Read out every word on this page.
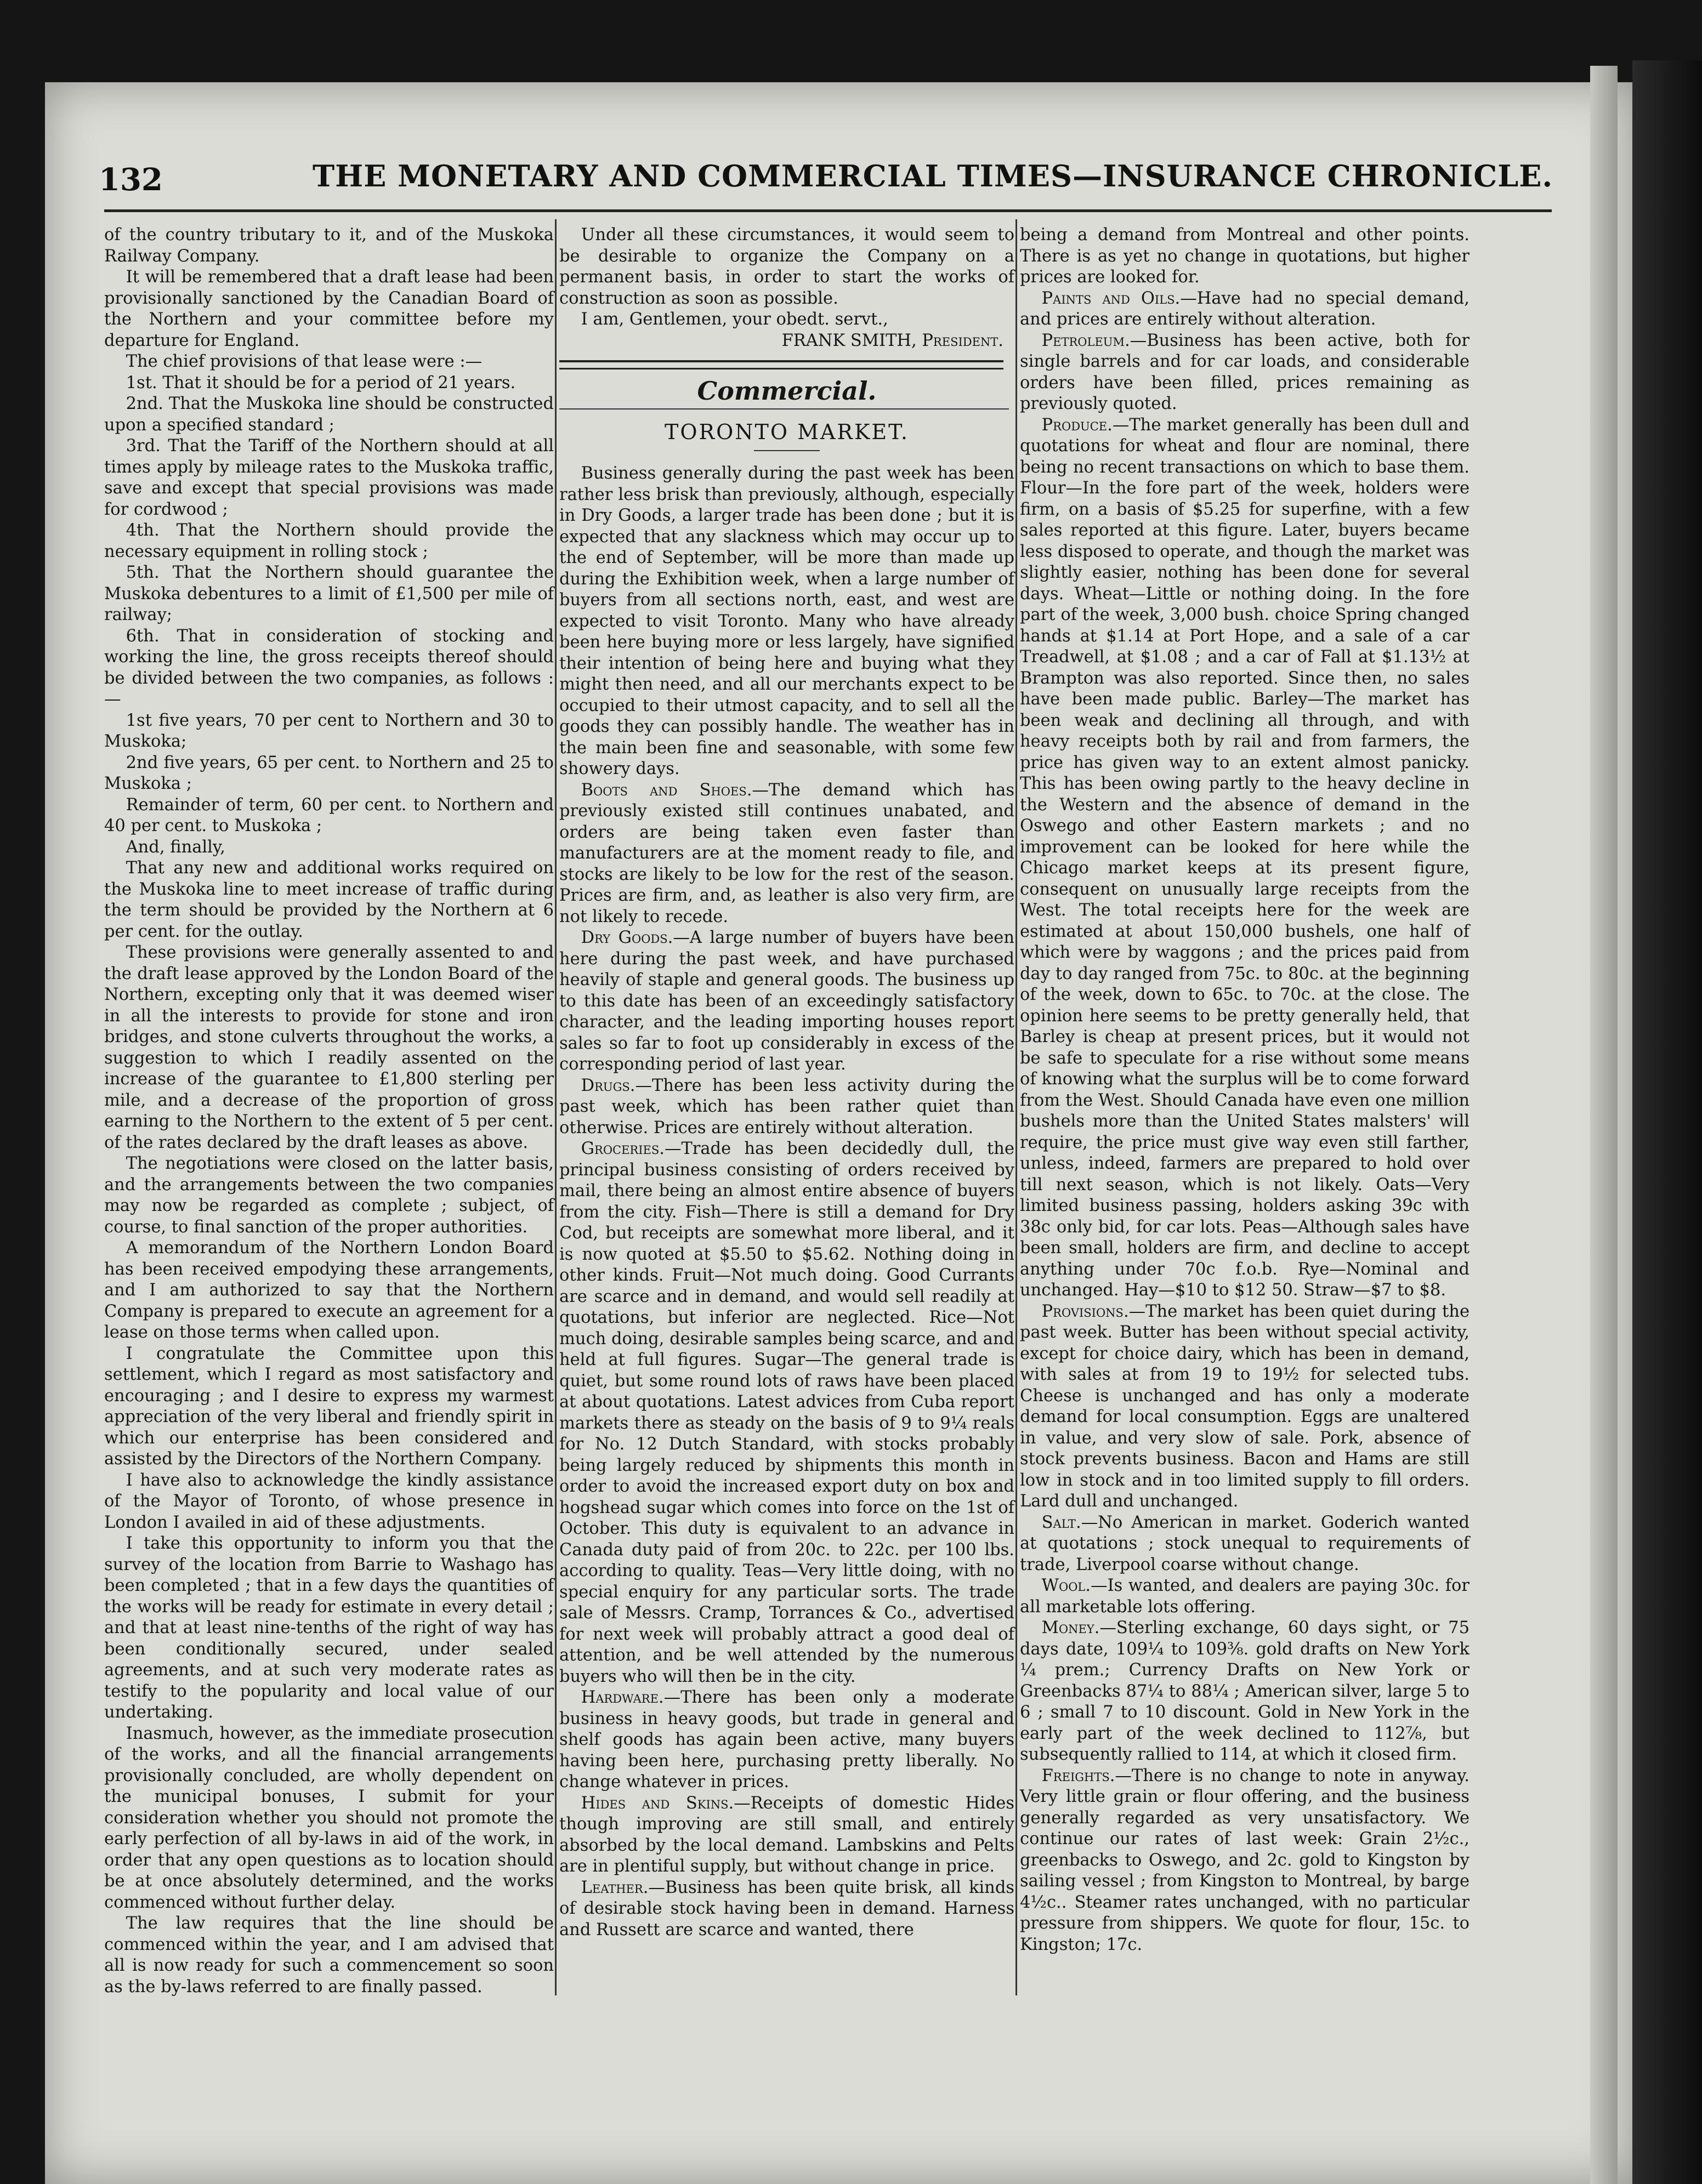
132	THE MONETARY AND COMMERCIAL TIMES—INSURANCE CHRONICLE.

of the country tributary to it, and of the Muskoka Railway Company.

It will be remembered that a draft lease had been provisionally sanctioned by the Canadian Board of the Northern and your committee before my departure for England.

The chief provisions of that lease were :—

1st. That it should be for a period of 21 years.

2nd. That the Muskoka line should be constructed upon a specified standard ;

3rd. That the Tariff of the Northern should at all times apply by mileage rates to the Muskoka traffic, save and except that special provisions was made for cordwood ;

4th. That the Northern should provide the necessary equipment in rolling stock ;

5th. That the Northern should guarantee the Muskoka debentures to a limit of £1,500 per mile of railway;

6th. That in consideration of stocking and working the line, the gross receipts thereof should be divided between the two companies, as follows :—

1st five years, 70 per cent to Northern and 30 to Muskoka;

2nd five years, 65 per cent. to Northern and 25 to Muskoka ;

Remainder of term, 60 per cent. to Northern and 40 per cent. to Muskoka ;

And, finally,

That any new and additional works required on the Muskoka line to meet increase of traffic during the term should be provided by the Northern at 6 per cent. for the outlay.

These provisions were generally assented to and the draft lease approved by the London Board of the Northern, excepting only that it was deemed wiser in all the interests to provide for stone and iron bridges, and stone culverts throughout the works, a suggestion to which I readily assented on the increase of the guarantee to £1,800 sterling per mile, and a decrease of the proportion of gross earning to the Northern to the extent of 5 per cent. of the rates declared by the draft leases as above.

The negotiations were closed on the latter basis, and the arrangements between the two companies may now be regarded as complete ; subject, of course, to final sanction of the proper authorities.

A memorandum of the Northern London Board has been received empodying these arrangements, and I am authorized to say that the Northern Company is prepared to execute an agreement for a lease on those terms when called upon.

I congratulate the Committee upon this settlement, which I regard as most satisfactory and encouraging ; and I desire to express my warmest appreciation of the very liberal and friendly spirit in which our enterprise has been considered and assisted by the Directors of the Northern Company.

I have also to acknowledge the kindly assistance of the Mayor of Toronto, of whose presence in London I availed in aid of these adjustments.

I take this opportunity to inform you that the survey of the location from Barrie to Washago has been completed ; that in a few days the quantities of the works will be ready for estimate in every detail ; and that at least nine-tenths of the right of way has been conditionally secured, under sealed agreements, and at such very moderate rates as testify to the popularity and local value of our undertaking.

Inasmuch, however, as the immediate prosecution of the works, and all the financial arrangements provisionally concluded, are wholly dependent on the municipal bonuses, I submit for your consideration whether you should not promote the early perfection of all by-laws in aid of the work, in order that any open questions as to location should be at once absolutely determined, and the works commenced without further delay.

The law requires that the line should be commenced within the year, and I am advised that all is now ready for such a commencement so soon as the by-laws referred to are finally passed.

Under all these circumstances, it would seem to be desirable to organize the Company on a permanent basis, in order to start the works of construction as soon as possible.

I am, Gentlemen, your obedt. servt.,

FRANK SMITH, President.

Commercial.
TORONTO MARKET.

Business generally during the past week has been rather less brisk than previously, although, especially in Dry Goods, a larger trade has been done ; but it is expected that any slackness which may occur up to the end of September, will be more than made up during the Exhibition week, when a large number of buyers from all sections north, east, and west are expected to visit Toronto. Many who have already been here buying more or less largely, have signified their intention of being here and buying what they might then need, and all our merchants expect to be occupied to their utmost capacity, and to sell all the goods they can possibly handle. The weather has in the main been fine and seasonable, with some few showery days.

Boots and Shoes.—The demand which has previously existed still continues unabated, and orders are being taken even faster than manufacturers are at the moment ready to file, and stocks are likely to be low for the rest of the season. Prices are firm, and, as leather is also very firm, are not likely to recede.

Dry Goods.—A large number of buyers have been here during the past week, and have purchased heavily of staple and general goods. The business up to this date has been of an exceedingly satisfactory character, and the leading importing houses report sales so far to foot up considerably in excess of the corresponding period of last year.

Drugs.—There has been less activity during the past week, which has been rather quiet than otherwise. Prices are entirely without alteration.

Groceries.—Trade has been decidedly dull, the principal business consisting of orders received by mail, there being an almost entire absence of buyers from the city. Fish—There is still a demand for Dry Cod, but receipts are somewhat more liberal, and it is now quoted at $5.50 to $5.62. Nothing doing in other kinds. Fruit—Not much doing. Good Currants are scarce and in demand, and would sell readily at quotations, but inferior are neglected. Rice—Not much doing, desirable samples being scarce, and and held at full figures. Sugar—The general trade is quiet, but some round lots of raws have been placed at about quotations. Latest advices from Cuba report markets there as steady on the basis of 9 to 9¼ reals for No. 12 Dutch Standard, with stocks probably being largely reduced by shipments this month in order to avoid the increased export duty on box and hogshead sugar which comes into force on the 1st of October. This duty is equivalent to an advance in Canada duty paid of from 20c. to 22c. per 100 lbs. according to quality. Teas—Very little doing, with no special enquiry for any particular sorts. The trade sale of Messrs. Cramp, Torrances & Co., advertised for next week will probably attract a good deal of attention, and be well attended by the numerous buyers who will then be in the city.

Hardware.—There has been only a moderate business in heavy goods, but trade in general and shelf goods has again been active, many buyers having been here, purchasing pretty liberally. No change whatever in prices.

Hides and Skins.—Receipts of domestic Hides though improving are still small, and entirely absorbed by the local demand. Lambskins and Pelts are in plentiful supply, but without change in price.

Leather.—Business has been quite brisk, all kinds of desirable stock having been in demand. Harness and Russett are scarce and wanted, there

being a demand from Montreal and other points. There is as yet no change in quotations, but higher prices are looked for.

Paints and Oils.—Have had no special demand, and prices are entirely without alteration.

Petroleum.—Business has been active, both for single barrels and for car loads, and considerable orders have been filled, prices remaining as previously quoted.

Produce.—The market generally has been dull and quotations for wheat and flour are nominal, there being no recent transactions on which to base them. Flour—In the fore part of the week, holders were firm, on a basis of $5.25 for superfine, with a few sales reported at this figure. Later, buyers became less disposed to operate, and though the market was slightly easier, nothing has been done for several days. Wheat—Little or nothing doing. In the fore part of the week, 3,000 bush. choice Spring changed hands at $1.14 at Port Hope, and a sale of a car Treadwell, at $1.08 ; and a car of Fall at $1.13½ at Brampton was also reported. Since then, no sales have been made public. Barley—The market has been weak and declining all through, and with heavy receipts both by rail and from farmers, the price has given way to an extent almost panicky. This has been owing partly to the heavy decline in the Western and the absence of demand in the Oswego and other Eastern markets ; and no improvement can be looked for here while the Chicago market keeps at its present figure, consequent on unusually large receipts from the West. The total receipts here for the week are estimated at about 150,000 bushels, one half of which were by waggons ; and the prices paid from day to day ranged from 75c. to 80c. at the beginning of the week, down to 65c. to 70c. at the close. The opinion here seems to be pretty generally held, that Barley is cheap at present prices, but it would not be safe to speculate for a rise without some means of knowing what the surplus will be to come forward from the West. Should Canada have even one million bushels more than the United States malsters' will require, the price must give way even still farther, unless, indeed, farmers are prepared to hold over till next season, which is not likely. Oats—Very limited business passing, holders asking 39c with 38c only bid, for car lots. Peas—Although sales have been small, holders are firm, and decline to accept anything under 70c f.o.b. Rye—Nominal and unchanged. Hay—$10 to $12 50. Straw—$7 to $8.

Provisions.—The market has been quiet during the past week. Butter has been without special activity, except for choice dairy, which has been in demand, with sales at from 19 to 19½ for selected tubs. Cheese is unchanged and has only a moderate demand for local consumption. Eggs are unaltered in value, and very slow of sale. Pork, absence of stock prevents business. Bacon and Hams are still low in stock and in too limited supply to fill orders. Lard dull and unchanged.

Salt.—No American in market. Goderich wanted at quotations ; stock unequal to requirements of trade, Liverpool coarse without change.

Wool.—Is wanted, and dealers are paying 30c. for all marketable lots offering.

Money.—Sterling exchange, 60 days sight, or 75 days date, 109¼ to 109⅜. gold drafts on New York ¼ prem.; Currency Drafts on New York or Greenbacks 87¼ to 88¼ ; American silver, large 5 to 6 ; small 7 to 10 discount. Gold in New York in the early part of the week declined to 112⅞, but subsequently rallied to 114, at which it closed firm.

Freights.—There is no change to note in anyway. Very little grain or flour offering, and the business generally regarded as very unsatisfactory. We continue our rates of last week: Grain 2½c., greenbacks to Oswego, and 2c. gold to Kingston by sailing vessel ; from Kingston to Montreal, by barge 4½c.. Steamer rates unchanged, with no particular pressure from shippers. We quote for flour, 15c. to Kingston; 17c.
